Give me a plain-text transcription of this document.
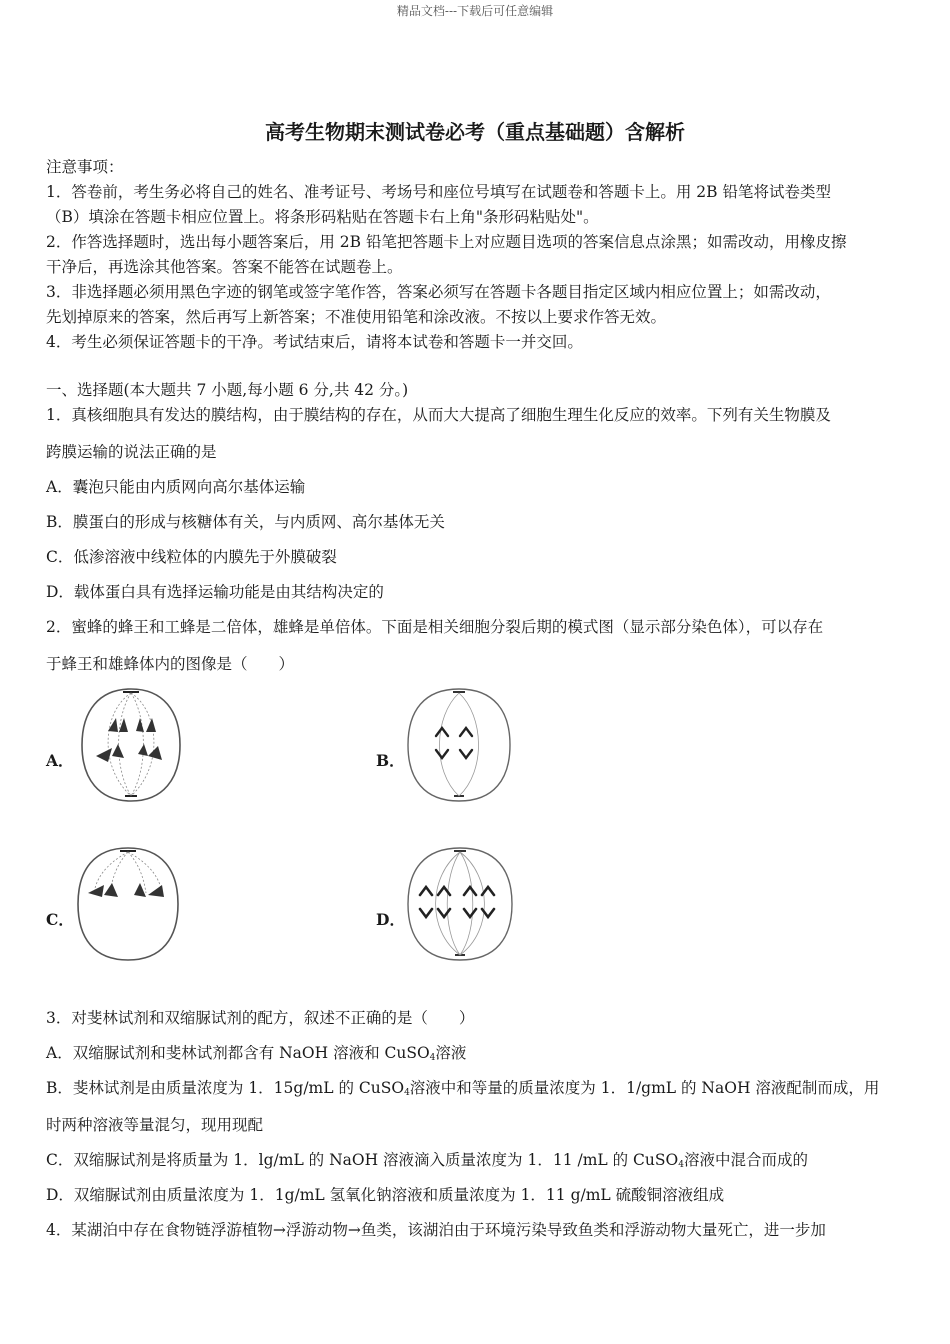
精品文档---下载后可任意编辑
高考生物期末测试卷必考（重点基础题）含解析
注意事项：
1．答卷前，考生务必将自己的姓名、准考证号、考场号和座位号填写在试题卷和答题卡上。用 2B 铅笔将试卷类型
（B）填涂在答题卡相应位置上。将条形码粘贴在答题卡右上角"条形码粘贴处"。
2．作答选择题时，选出每小题答案后，用 2B 铅笔把答题卡上对应题目选项的答案信息点涂黑；如需改动，用橡皮擦
干净后，再选涂其他答案。答案不能答在试题卷上。
3．非选择题必须用黑色字迹的钢笔或签字笔作答，答案必须写在答题卡各题目指定区域内相应位置上；如需改动，
先划掉原来的答案，然后再写上新答案；不准使用铅笔和涂改液。不按以上要求作答无效。
4．考生必须保证答题卡的干净。考试结束后，请将本试卷和答题卡一并交回。
一、选择题(本大题共 7 小题,每小题 6 分,共 42 分。)
1．真核细胞具有发达的膜结构，由于膜结构的存在，从而大大提高了细胞生理生化反应的效率。下列有关生物膜及
跨膜运输的说法正确的是
A．囊泡只能由内质网向高尔基体运输
B．膜蛋白的形成与核糖体有关，与内质网、高尔基体无关
C．低渗溶液中线粒体的内膜先于外膜破裂
D．载体蛋白具有选择运输功能是由其结构决定的
2．蜜蜂的蜂王和工蜂是二倍体，雄蜂是单倍体。下面是相关细胞分裂后期的模式图（显示部分染色体），可以存在
于蜂王和雄蜂体内的图像是（　　）
A．	B．
C．	D．
3．对斐林试剂和双缩脲试剂的配方，叙述不正确的是（　　）
A．双缩脲试剂和斐林试剂都含有 NaOH 溶液和 CuSO$_4$溶液
B．斐林试剂是由质量浓度为 1．15g/mL 的 CuSO$_4$溶液中和等量的质量浓度为 1．1/gmL 的 NaOH 溶液配制而成，用
时两种溶液等量混匀，现用现配
C．双缩脲试剂是将质量为 1．lg/mL 的 NaOH 溶液滴入质量浓度为 1．11 /mL 的 CuSO$_4$溶液中混合而成的
D．双缩脲试剂由质量浓度为 1．1g/mL 氢氧化钠溶液和质量浓度为 1．11 g/mL 硫酸铜溶液组成
4．某湖泊中存在食物链浮游植物→浮游动物→鱼类，该湖泊由于环境污染导致鱼类和浮游动物大量死亡，进一步加
